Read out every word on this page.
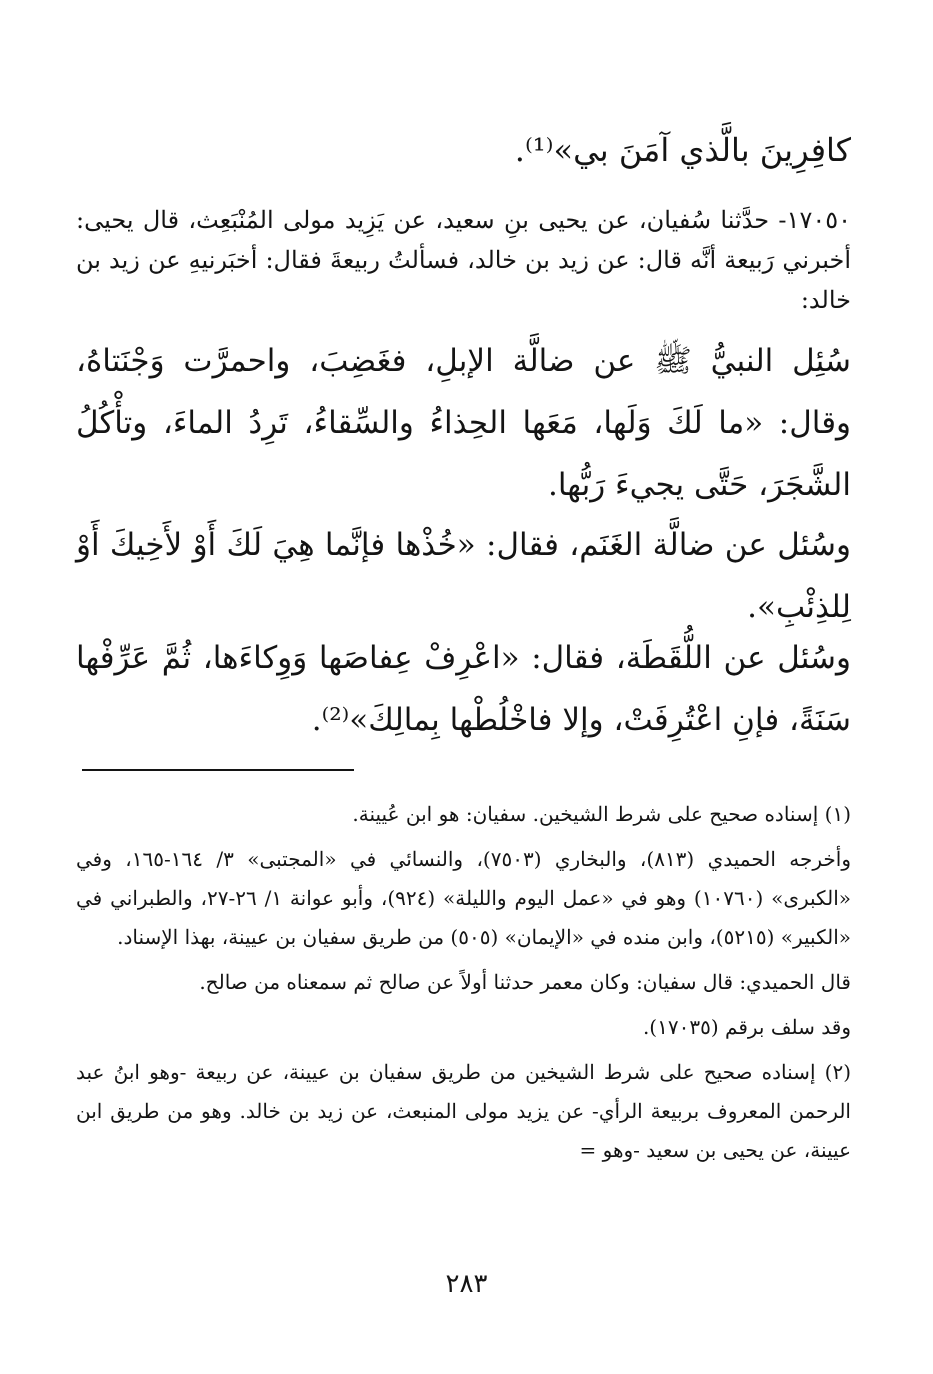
كافِرِينَ بالَّذي آمَنَ بي»⁽¹⁾.
١٧٠٥٠- حدَّثنا سُفيان، عن يحيى بنِ سعيد، عن يَزِيد مولى المُنْبَعِث، قال يحيى: أخبرني رَبيعة أنَّه قال: عن زيد بن خالد، فسألتُ ربيعةَ فقال: أخبَرنيهِ عن زيد بن خالد:
سُئِل النبيُّ ﷺ عن ضالَّة الإبلِ، فغَضِبَ، واحمرَّت وَجْنَتاهُ، وقال: «ما لَكَ وَلَها، مَعَها الحِذاءُ والسِّقاءُ، تَرِدُ الماءَ، وتأْكُلُ الشَّجَرَ، حَتَّى يجيءَ رَبُّها.
وسُئل عن ضالَّة الغَنَم، فقال: «خُذْها فإنَّما هِيَ لَكَ أَوْ لأَخِيكَ أَوْ لِلذِئْبِ».
وسُئل عن اللُّقَطَة، فقال: «اعْرِفْ عِفاصَها وَوِكاءَها، ثُمَّ عَرِّفْها سَنَةً، فإنِ اعْتُرِفَتْ، وإلا فاخْلُطْها بِمالِكَ»⁽²⁾.

(١) إسناده صحيح على شرط الشيخين. سفيان: هو ابن عُيينة.

وأخرجه الحميدي (٨١٣)، والبخاري (٧٥٠٣)، والنسائي في «المجتبى» ٣/ ١٦٤-١٦٥، وفي «الكبرى» (١٠٧٦٠) وهو في «عمل اليوم والليلة» (٩٢٤)، وأبو عوانة ١/ ٢٦-٢٧، والطبراني في «الكبير» (٥٢١٥)، وابن منده في «الإيمان» (٥٠٥) من طريق سفيان بن عيينة، بهذا الإسناد.

قال الحميدي: قال سفيان: وكان معمر حدثنا أولاً عن صالح ثم سمعناه من صالح.

وقد سلف برقم (١٧٠٣٥).

(٢) إسناده صحيح على شرط الشيخين من طريق سفيان بن عيينة، عن ربيعة -وهو ابنُ عبد الرحمن المعروف بربيعة الرأي- عن يزيد مولى المنبعث، عن زيد بن خالد. وهو من طريق ابن عيينة، عن يحيى بن سعيد -وهو =

٢٨٣
